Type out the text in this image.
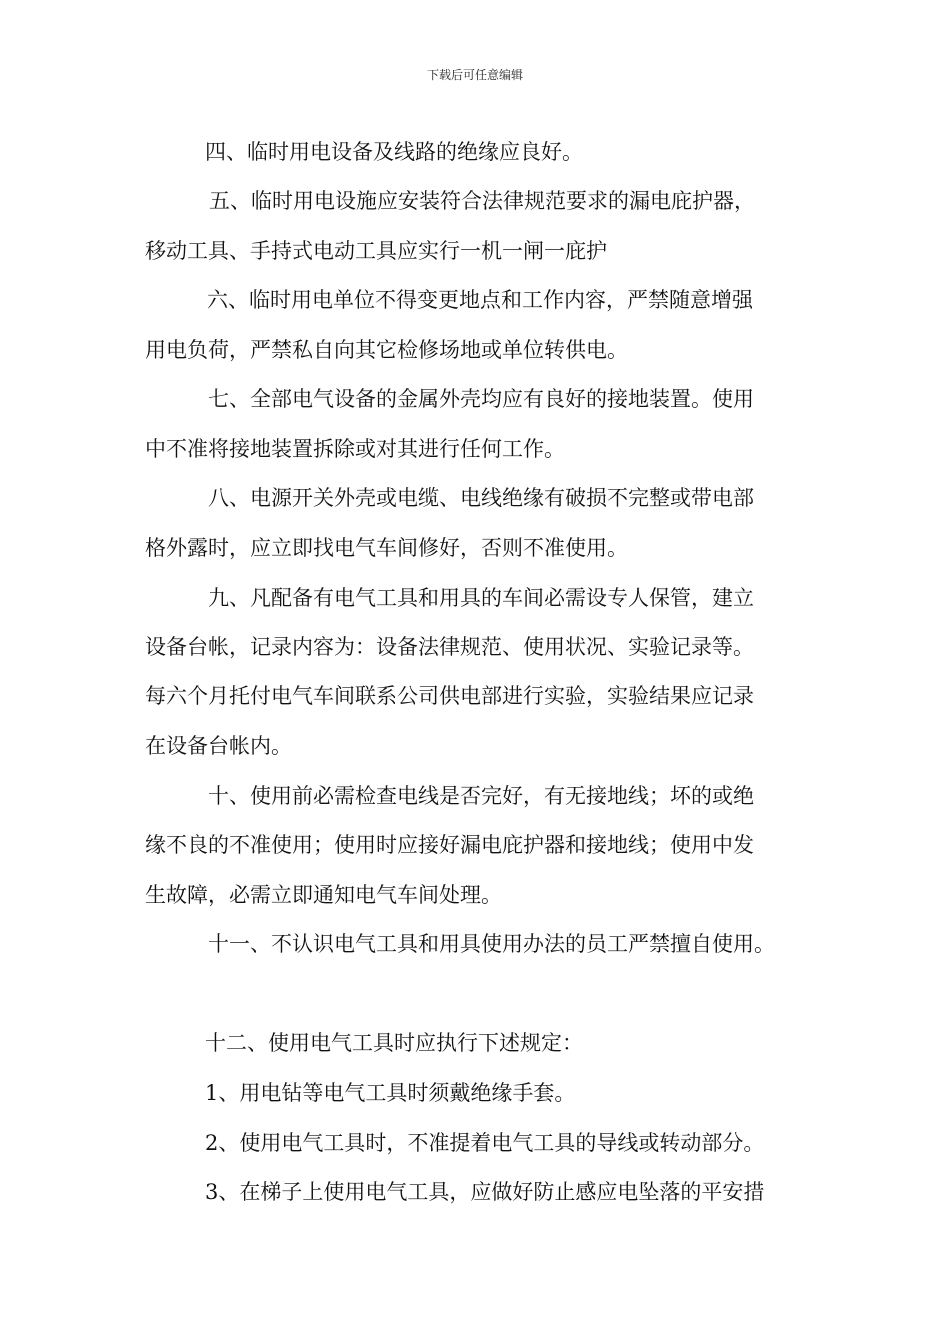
下载后可任意编辑
四、临时用电设备及线路的绝缘应良好。
五、临时用电设施应安装符合法律规范要求的漏电庇护器，
移动工具、手持式电动工具应实行一机一闸一庇护
六、临时用电单位不得变更地点和工作内容，严禁随意增强
用电负荷，严禁私自向其它检修场地或单位转供电。
七、全部电气设备的金属外壳均应有良好的接地装置。使用
中不准将接地装置拆除或对其进行任何工作。
八、电源开关外壳或电缆、电线绝缘有破损不完整或带电部
格外露时，应立即找电气车间修好，否则不准使用。
九、凡配备有电气工具和用具的车间必需设专人保管，建立
设备台帐，记录内容为：设备法律规范、使用状况、实验记录等。
每六个月托付电气车间联系公司供电部进行实验，实验结果应记录
在设备台帐内。
十、使用前必需检查电线是否完好，有无接地线；坏的或绝
缘不良的不准使用；使用时应接好漏电庇护器和接地线；使用中发
生故障，必需立即通知电气车间处理。
十一、不认识电气工具和用具使用办法的员工严禁擅自使用。
十二、使用电气工具时应执行下述规定：
1、用电钻等电气工具时须戴绝缘手套。
2、使用电气工具时，不准提着电气工具的导线或转动部分。
3、在梯子上使用电气工具，应做好防止感应电坠落的平安措
